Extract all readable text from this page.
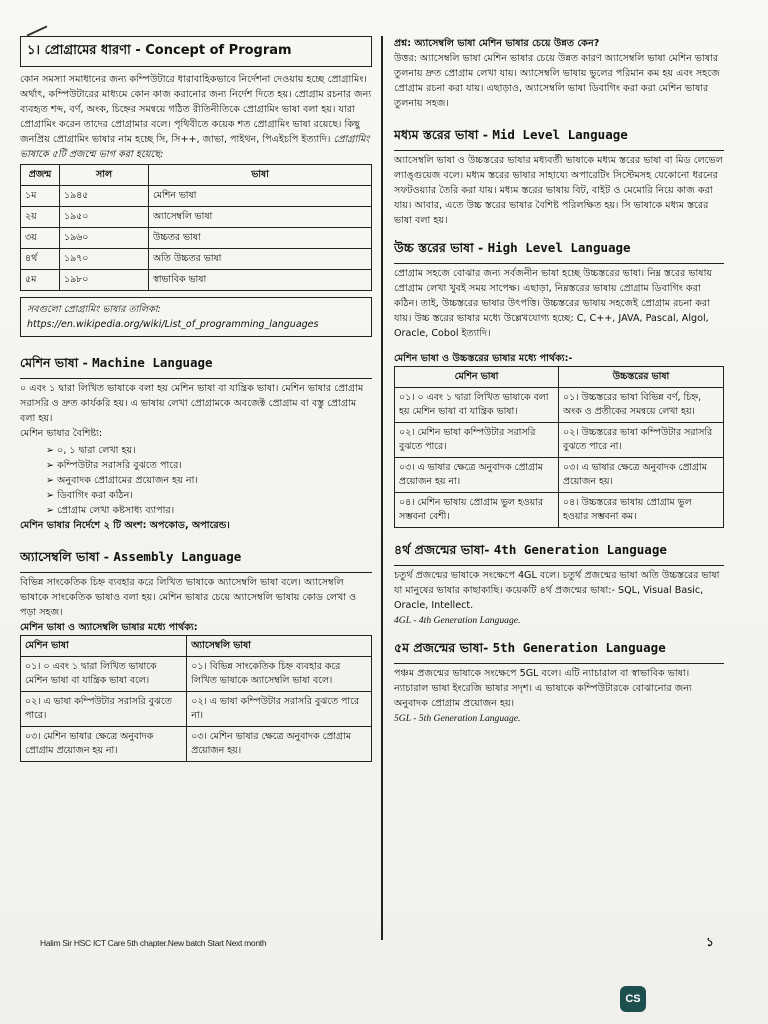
১। প্রোগ্রামের ধারণা - Concept of Program

কোন সমস্যা সমাধানের জন্য কম্পিউটারে ধারাবাহিকভাবে নির্দেশনা দেওয়ায় হচ্ছে প্রোগ্রামিং। অর্থাৎ, কম্পিউটারের মাধ্যমে কোন কাজ করানোর জন্য নির্দেশ দিতে হয়। প্রোগ্রাম রচনার জন্য ব্যবহৃত শব্দ, বর্ণ, অংক, চিহ্নের সমন্বয়ে গঠিত রীতিনীতিকে প্রোগ্রামিং ভাষা বলা হয়। যারা প্রোগ্রামিং করেন তাদের প্রোগ্রামার বলে। পৃথিবীতে কয়েক শত প্রোগ্রামিং ভাষা রয়েছে। কিছু জনপ্রিয় প্রোগ্রামিং ভাষার নাম হচ্ছে সি, সি++, জাভা, পাইথন, পিএইচপি ইত্যাদি। প্রোগ্রামিং ভাষাকে ৫টি প্রজন্মে ভাগ করা হয়েছে:

প্রজন্ম	সাল	ভাষা
১ম	১৯৪৫	মেশিন ভাষা
২য়	১৯৫০	অ্যাসেম্বলি ভাষা
৩য়	১৯৬০	উচ্চতর ভাষা
৪র্থ	১৯৭০	অতি উচ্চতর ভাষা
৫ম	১৯৮০	স্বাভাবিক ভাষা
সবগুলো প্রোগ্রামিং ভাষার তালিকা:
https://en.wikipedia.org/wiki/List_of_programming_languages
মেশিন ভাষা - Machine Language

০ এবং ১ দ্বারা লিখিত ভাষাকে বলা হয় মেশিন ভাষা বা যান্ত্রিক ভাষা। মেশিন ভাষার প্রোগ্রাম সরাসরি ও দ্রুত কার্যকরি হয়। এ ভাষায় লেখা প্রোগ্রামকে অবজেক্ট প্রোগ্রাম বা বস্তু প্রোগ্রাম বলা হয়।

মেশিন ভাষার বৈশিষ্ট্য:

➢ ০, ১ দ্বারা লেখা হয়।
➢ কম্পিউটার সরাসরি বুঝতে পারে।
➢ অনুবাদক প্রোগ্রামের প্রয়োজন হয় না।
➢ ডিবাগিং করা কঠিন।
➢ প্রোগ্রাম লেখা কষ্টসাধ্য ব্যাপার।

মেশিন ভাষার নির্দেশে ২ টি অংশ: অপকোড, অপারেন্ড।

অ্যাসেম্বলি ভাষা - Assembly Language

বিভিন্ন সাংকেতিক চিহ্ন ব্যবহার করে লিখিত ভাষাকে অ্যাসেম্বলি ভাষা বলে। অ্যাসেম্বলি ভাষাকে সাংকেতিক ভাষাও বলা হয়। মেশিন ভাষার চেয়ে অ্যাসেম্বলি ভাষায় কোড লেখা ও পড়া সহজ।

মেশিন ভাষা ও অ্যাসেম্বলি ভাষার মধ্যে পার্থক্য:

মেশিন ভাষা	অ্যাসেম্বলি ভাষা
০১। ০ এবং ১ দ্বারা লিখিত ভাষাকে মেশিন ভাষা বা যান্ত্রিক ভাষা বলে।	০১। বিভিন্ন সাংকেতিক চিহ্ন ব্যবহার করে লিখিত ভাষাকে অ্যাসেম্বলি ভাষা বলে।
০২। এ ভাষা কম্পিউটার সরাসরি বুঝতে পারে।	০২। এ ভাষা কম্পিউটার সরাসরি বুঝতে পারে না।
০৩। মেশিন ভাষার ক্ষেত্রে অনুবাদক প্রোগ্রাম প্রয়োজন হয় না।	০৩। মেশিন ভাষার ক্ষেত্রে অনুবাদক প্রোগ্রাম প্রয়োজন হয়।

প্রশ্ন: অ্যাসেম্বলি ভাষা মেশিন ভাষার চেয়ে উন্নত কেন?

উত্তর: অ্যাসেম্বলি ভাষা মেশিন ভাষার চেয়ে উন্নত কারণ অ্যাসেম্বলি ভাষা মেশিন ভাষার তুলনায় দ্রুত প্রোগ্রাম লেখা যায়। অ্যাসেম্বলি ভাষায় ভুলের পরিমান কম হয় এবং সহজে প্রোগ্রাম রচনা করা যায়। এছাড়াও, অ্যাসেম্বলি ভাষা ডিবাগিং করা করা মেশিন ভাষার তুলনায় সহজ।

মধ্যম স্তরের ভাষা - Mid Level Language

অ্যাসেম্বলি ভাষা ও উচ্চস্তরের ভাষার মধ্যবর্তী ভাষাকে মধ্যম স্তরের ভাষা বা মিড লেভেল ল্যাঙ্গুয়েজ বলে। মধ্যম স্তরের ভাষার সাহায্যে অপারেটিং সিস্টেমসহ যেকোনো ধরনের সফটওয়্যার তৈরি করা যায়। মধ্যম স্তরের ভাষায় বিট, বাইট ও মেমোরি নিয়ে কাজ করা যায়। আবার, এতে উচ্চ স্তরের ভাষার বৈশিষ্ট পরিলক্ষিত হয়। সি ভাষাকে মধ্যম স্তরের ভাষা বলা হয়।

উচ্চ স্তরের ভাষা - High Level Language

প্রোগ্রাম সহজে বোঝার জন্য সর্বজনীন ভাষা হচ্ছে উচ্চস্তরের ভাষা। নিম্ন স্তরের ভাষায় প্রোগ্রাম লেখা খুবই সময় সাপেক্ষ। এছাড়া, নিম্নস্তরের ভাষায় প্রোগ্রাম ডিবাগিং করা কঠিন। তাই, উচ্চস্তরের ভাষার উৎপত্তি। উচ্চস্তরের ভাষায় সহজেই প্রোগ্রাম রচনা করা যায়। উচ্চ স্তরের ভাষার মধ্যে উল্লেখযোগ্য হচ্ছে: C, C++, JAVA, Pascal, Algol, Oracle, Cobol ইত্যাদি।

মেশিন ভাষা ও উচ্চস্তরের ভাষার মধ্যে পার্থক্য:-

মেশিন ভাষা	উচ্চস্তরের ভাষা
০১। ০ এবং ১ দ্বারা লিখিত ভাষাকে বলা হয় মেশিন ভাষা বা যান্ত্রিক ভাষা।	০১। উচ্চস্তরের ভাষা বিভিন্ন বর্ণ, চিহ্ন, অংক ও প্রতীকের সমন্বয়ে লেখা হয়।
০২। মেশিন ভাষা কম্পিউটার সরাসরি বুঝতে পারে।	০২। উচ্চস্তরের ভাষা কম্পিউটার সরাসরি বুঝতে পারে না।
০৩। এ ভাষার ক্ষেত্রে অনুবাদক প্রোগ্রাম প্রয়োজন হয় না।	০৩। এ ভাষার ক্ষেত্রে অনুবাদক প্রোগ্রাম প্রয়োজন হয়।
০৪। মেশিন ভাষায় প্রোগ্রাম ভুল হওয়ার সম্ভবনা বেশী।	০৪। উচ্চস্তরের ভাষায় প্রোগ্রাম ভুল হওয়ার সম্ভবনা কম।
৪র্থ প্রজন্মের ভাষা- 4th Generation Language

চতুর্থ প্রজন্মের ভাষাকে সংক্ষেপে 4GL বলে। চতুর্থ প্রজন্মের ভাষা অতি উচ্চস্তরের ভাষা যা মানুষের ভাষার কাছাকাছি। কয়েকটি ৪র্থ প্রজন্মের ভাষা:- SQL, Visual Basic, Oracle, Intellect.

4GL - 4th Generation Language.

৫ম প্রজন্মের ভাষা- 5th Generation Language

পঞ্চম প্রজন্মের ভাষাকে সংক্ষেপে 5GL বলে। এটি ন্যাচারাল বা স্বাভাবিক ভাষা। ন্যাচারাল ভাষা ইংরেজি ভাষার সদৃশ। এ ভাষাকে কম্পিউটারকে বোঝানোর জন্য অনুবাদক প্রোগ্রাম প্রয়োজন হয়।

5GL - 5th Generation Language.

Halim Sir HSC ICT Care 5th chapter.New batch Start Next month	১
CS
